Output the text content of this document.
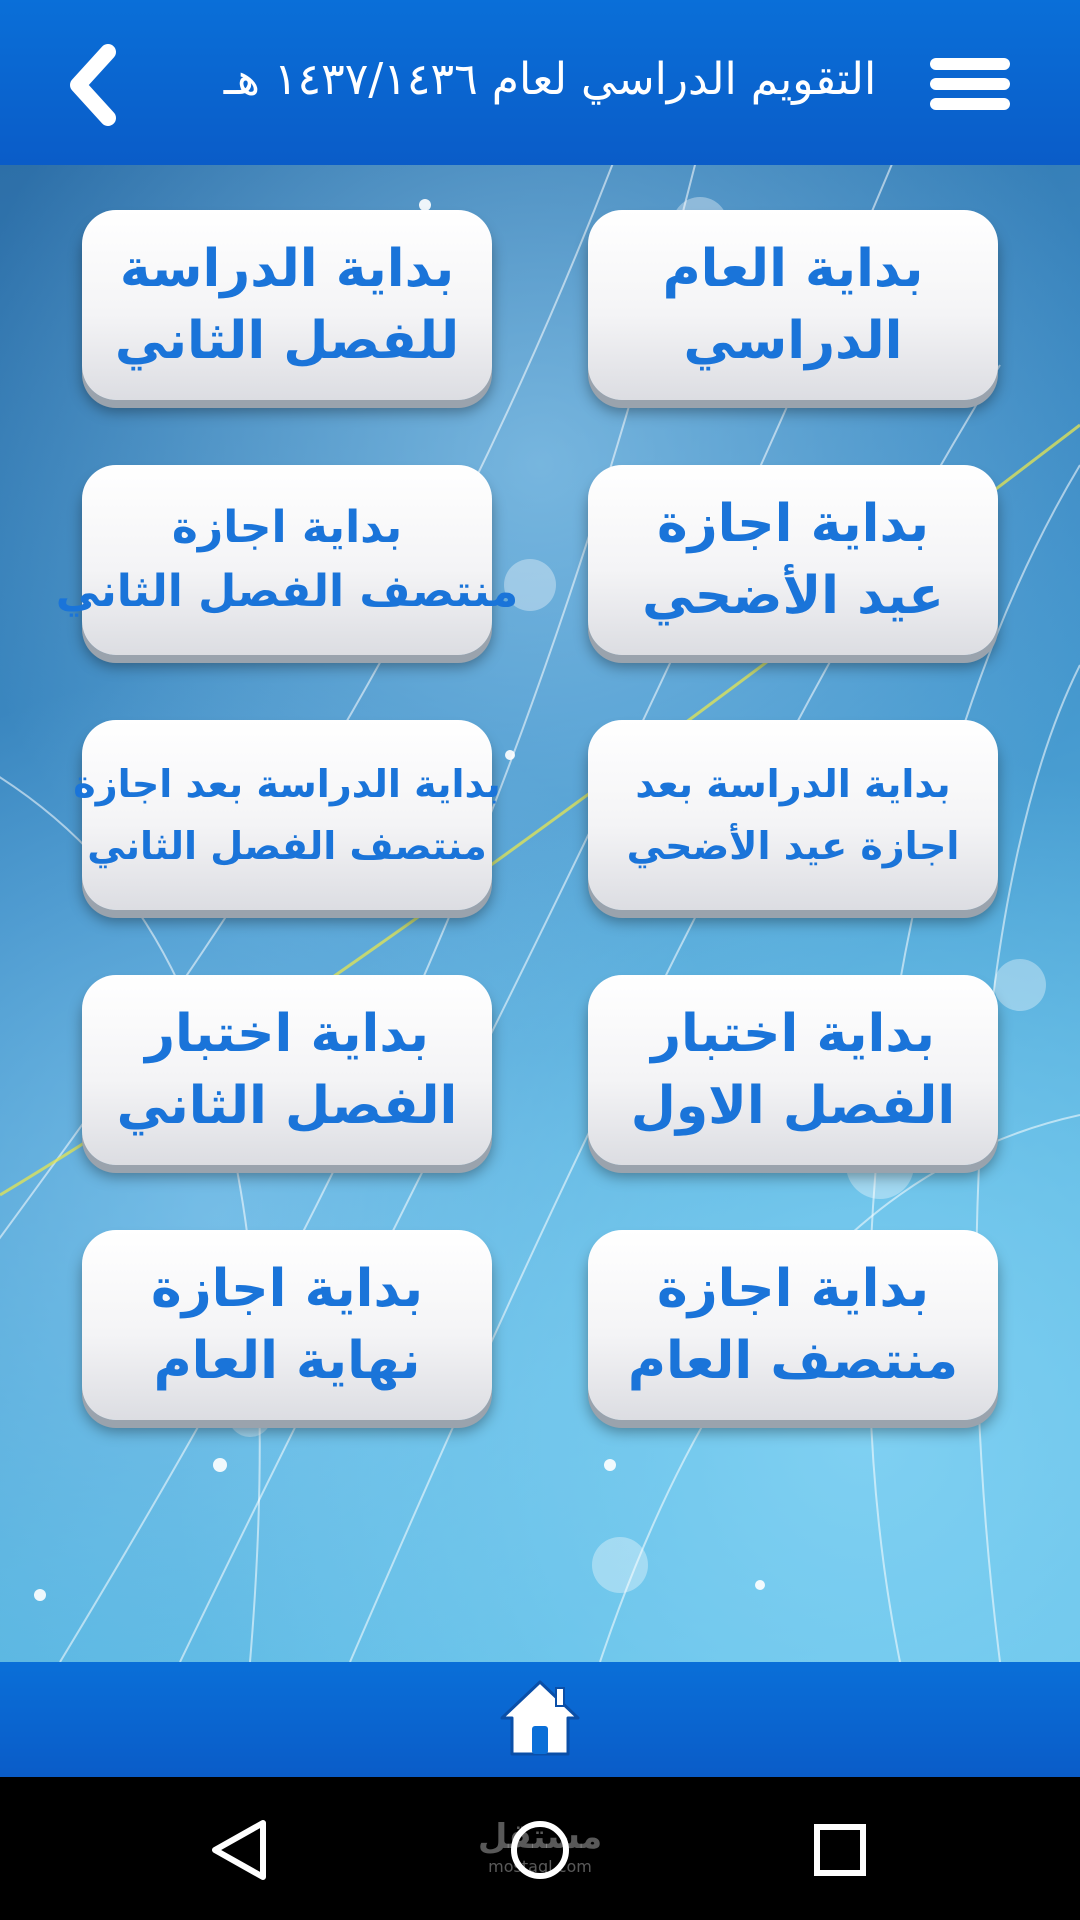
التقويم الدراسي لعام ١٤٣٧/١٤٣٦ هـ
بداية العام
الدراسي
بداية الدراسة
للفصل الثاني
بداية اجازة
عيد الأضحي
بداية اجازة
منتصف الفصل الثاني
بداية الدراسة بعد
اجازة عيد الأضحي
بداية الدراسة بعد اجازة
منتصف الفصل الثاني
بداية اختبار
الفصل الاول
بداية اختبار
الفصل الثاني
بداية اجازة
منتصف العام
بداية اجازة
نهاية العام
مستقل
mostaql.com
